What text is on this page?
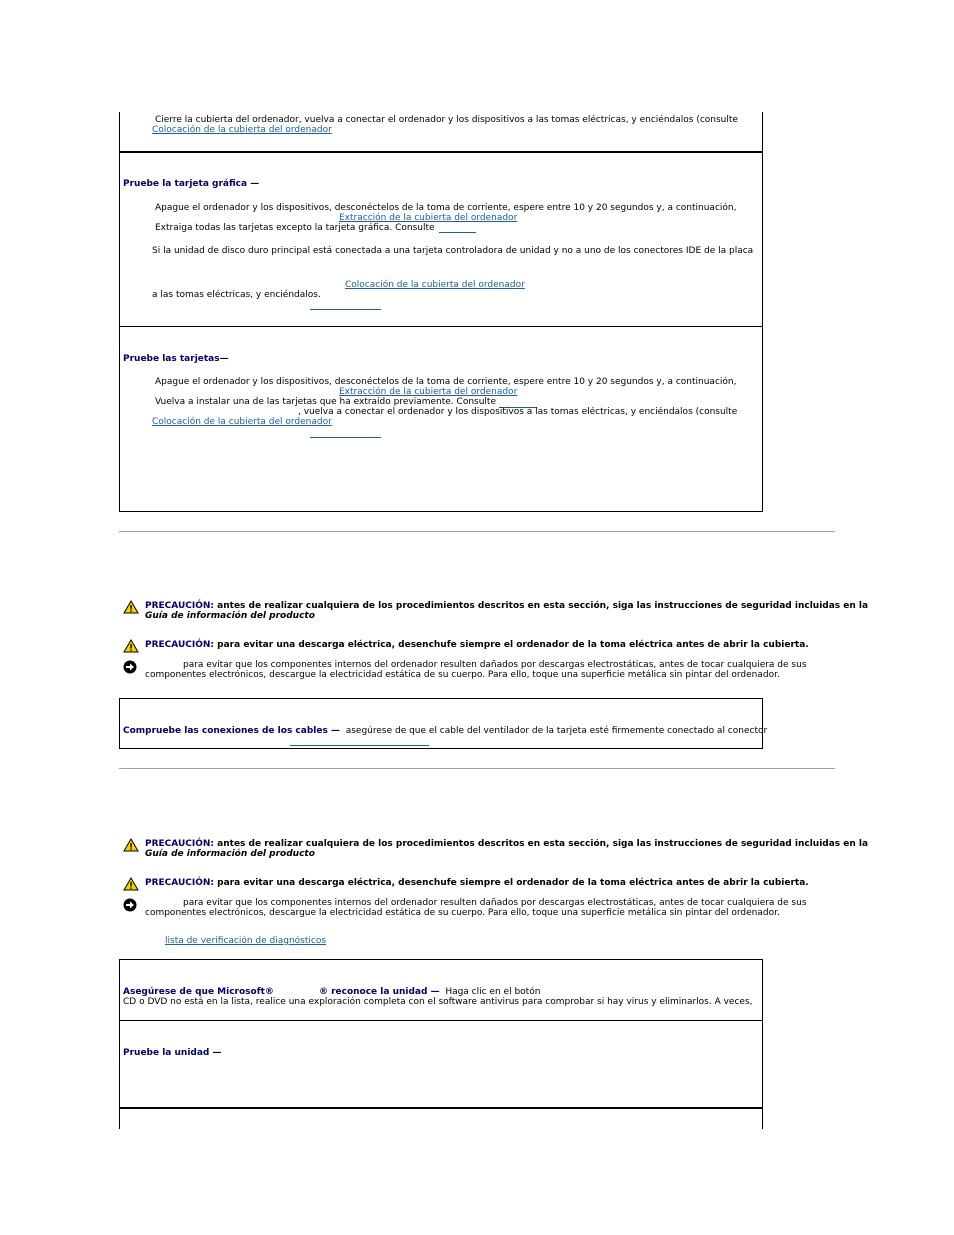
Cierre la cubierta del ordenador, vuelva a conectar el ordenador y los dispositivos a las tomas eléctricas, y enciéndalos (consulte
Colocación de la cubierta del ordenador
Pruebe la tarjeta gráfica —
Apague el ordenador y los dispositivos, desconéctelos de la toma de corriente, espere entre 10 y 20 segundos y, a continuación,
Extracción de la cubierta del ordenador
Extraiga todas las tarjetas excepto la tarjeta gráfica. Consulte
Si la unidad de disco duro principal está conectada a una tarjeta controladora de unidad y no a uno de los conectores IDE de la placa
Colocación de la cubierta del ordenador
a las tomas eléctricas, y enciéndalos.
Pruebe las tarjetas—
Apague el ordenador y los dispositivos, desconéctelos de la toma de corriente, espere entre 10 y 20 segundos y, a continuación,
Extracción de la cubierta del ordenador
Vuelva a instalar una de las tarjetas que ha extraído previamente. Consulte
, vuelva a conectar el ordenador y los dispositivos a las tomas eléctricas, y enciéndalos (consulte
Colocación de la cubierta del ordenador
PRECAUCIÓN: antes de realizar cualquiera de los procedimientos descritos en esta sección, siga las instrucciones de seguridad incluidas en la
Guía de información del producto
PRECAUCIÓN: para evitar una descarga eléctrica, desenchufe siempre el ordenador de la toma eléctrica antes de abrir la cubierta.
para evitar que los componentes internos del ordenador resulten dañados por descargas electrostáticas, antes de tocar cualquiera de sus
componentes electrónicos, descargue la electricidad estática de su cuerpo. Para ello, toque una superficie metálica sin pintar del ordenador.
Compruebe las conexiones de los cables — asegúrese de que el cable del ventilador de la tarjeta esté firmemente conectado al conector
PRECAUCIÓN: antes de realizar cualquiera de los procedimientos descritos en esta sección, siga las instrucciones de seguridad incluidas en la
Guía de información del producto
PRECAUCIÓN: para evitar una descarga eléctrica, desenchufe siempre el ordenador de la toma eléctrica antes de abrir la cubierta.
para evitar que los componentes internos del ordenador resulten dañados por descargas electrostáticas, antes de tocar cualquiera de sus
componentes electrónicos, descargue la electricidad estática de su cuerpo. Para ello, toque una superficie metálica sin pintar del ordenador.
lista de verificación de diagnósticos
Asegúrese de que Microsoft®	® reconoce la unidad — Haga clic en el botón
CD o DVD no está en la lista, realice una exploración completa con el software antivirus para comprobar si hay virus y eliminarlos. A veces,
Pruebe la unidad —
